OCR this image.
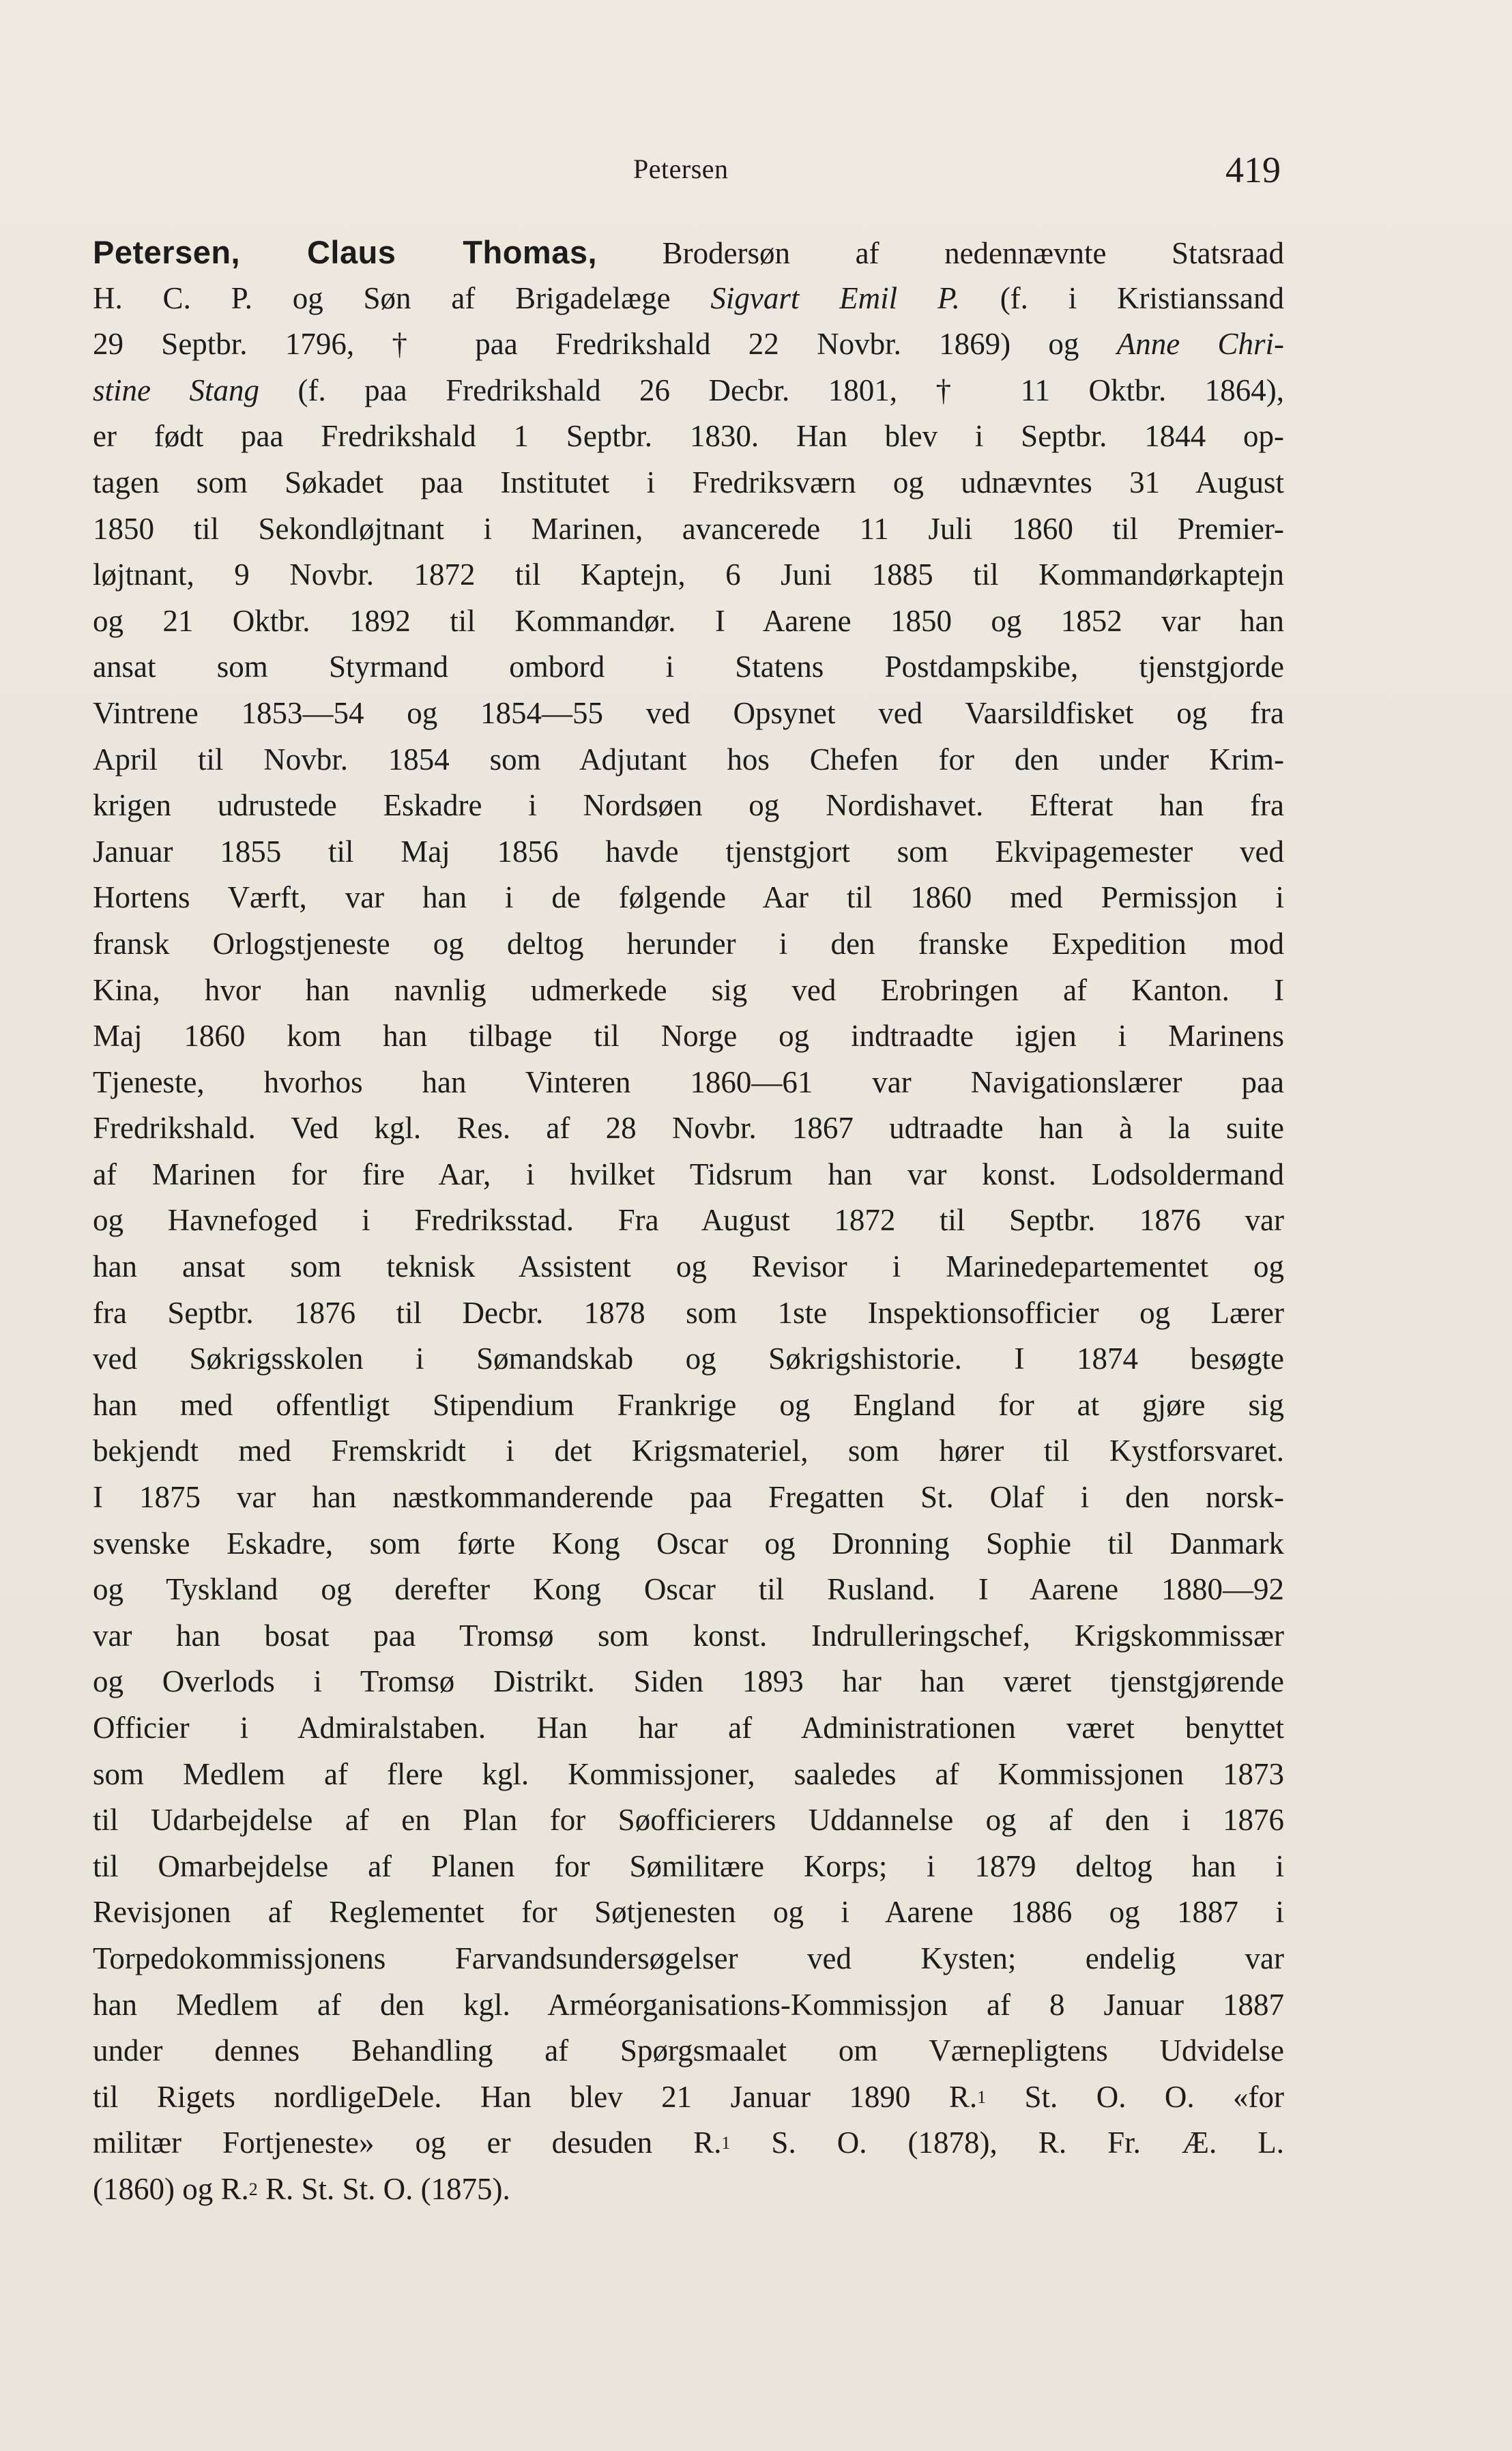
Petersen	419
Petersen, Claus Thomas, Brodersøn af nedennævnte Statsraad
H. C. P. og Søn af Brigadelæge Sigvart Emil P. (f. i Kristianssand
29 Septbr. 1796, † paa Fredrikshald 22 Novbr. 1869) og Anne Chri-
stine Stang (f. paa Fredrikshald 26 Decbr. 1801, † 11 Oktbr. 1864),
er født paa Fredrikshald 1 Septbr. 1830. Han blev i Septbr. 1844 op-
tagen som Søkadet paa Institutet i Fredriksværn og udnævntes 31 August
1850 til Sekondløjtnant i Marinen, avancerede 11 Juli 1860 til Premier-
løjtnant, 9 Novbr. 1872 til Kaptejn, 6 Juni 1885 til Kommandørkaptejn
og 21 Oktbr. 1892 til Kommandør. I Aarene 1850 og 1852 var han
ansat som Styrmand ombord i Statens Postdampskibe, tjenstgjorde
Vintrene 1853—54 og 1854—55 ved Opsynet ved Vaarsildfisket og fra
April til Novbr. 1854 som Adjutant hos Chefen for den under Krim-
krigen udrustede Eskadre i Nordsøen og Nordishavet. Efterat han fra
Januar 1855 til Maj 1856 havde tjenstgjort som Ekvipagemester ved
Hortens Værft, var han i de følgende Aar til 1860 med Permissjon i
fransk Orlogstjeneste og deltog herunder i den franske Expedition mod
Kina, hvor han navnlig udmerkede sig ved Erobringen af Kanton. I
Maj 1860 kom han tilbage til Norge og indtraadte igjen i Marinens
Tjeneste, hvorhos han Vinteren 1860—61 var Navigationslærer paa
Fredrikshald. Ved kgl. Res. af 28 Novbr. 1867 udtraadte han à la suite
af Marinen for fire Aar, i hvilket Tidsrum han var konst. Lodsoldermand
og Havnefoged i Fredriksstad. Fra August 1872 til Septbr. 1876 var
han ansat som teknisk Assistent og Revisor i Marinedepartementet og
fra Septbr. 1876 til Decbr. 1878 som 1ste Inspektionsofficier og Lærer
ved Søkrigsskolen i Sømandskab og Søkrigshistorie. I 1874 besøgte
han med offentligt Stipendium Frankrige og England for at gjøre sig
bekjendt med Fremskridt i det Krigsmateriel, som hører til Kystforsvaret.
I 1875 var han næstkommanderende paa Fregatten St. Olaf i den norsk-
svenske Eskadre, som førte Kong Oscar og Dronning Sophie til Danmark
og Tyskland og derefter Kong Oscar til Rusland. I Aarene 1880—92
var han bosat paa Tromsø som konst. Indrulleringschef, Krigskommissær
og Overlods i Tromsø Distrikt. Siden 1893 har han været tjenstgjørende
Officier i Admiralstaben. Han har af Administrationen været benyttet
som Medlem af flere kgl. Kommissjoner, saaledes af Kommissjonen 1873
til Udarbejdelse af en Plan for Søofficierers Uddannelse og af den i 1876
til Omarbejdelse af Planen for Sømilitære Korps; i 1879 deltog han i
Revisjonen af Reglementet for Søtjenesten og i Aarene 1886 og 1887 i
Torpedokommissjonens Farvandsundersøgelser ved Kysten; endelig var
han Medlem af den kgl. Arméorganisations-Kommissjon af 8 Januar 1887
under dennes Behandling af Spørgsmaalet om Værnepligtens Udvidelse
til Rigets nordligeDele. Han blev 21 Januar 1890 R.$^1$ St. O. O. «for
militær Fortjeneste» og er desuden R.$^1$ S. O. (1878), R. Fr. Æ. L.
(1860) og R.$^2$ R. St. St. O. (1875).
